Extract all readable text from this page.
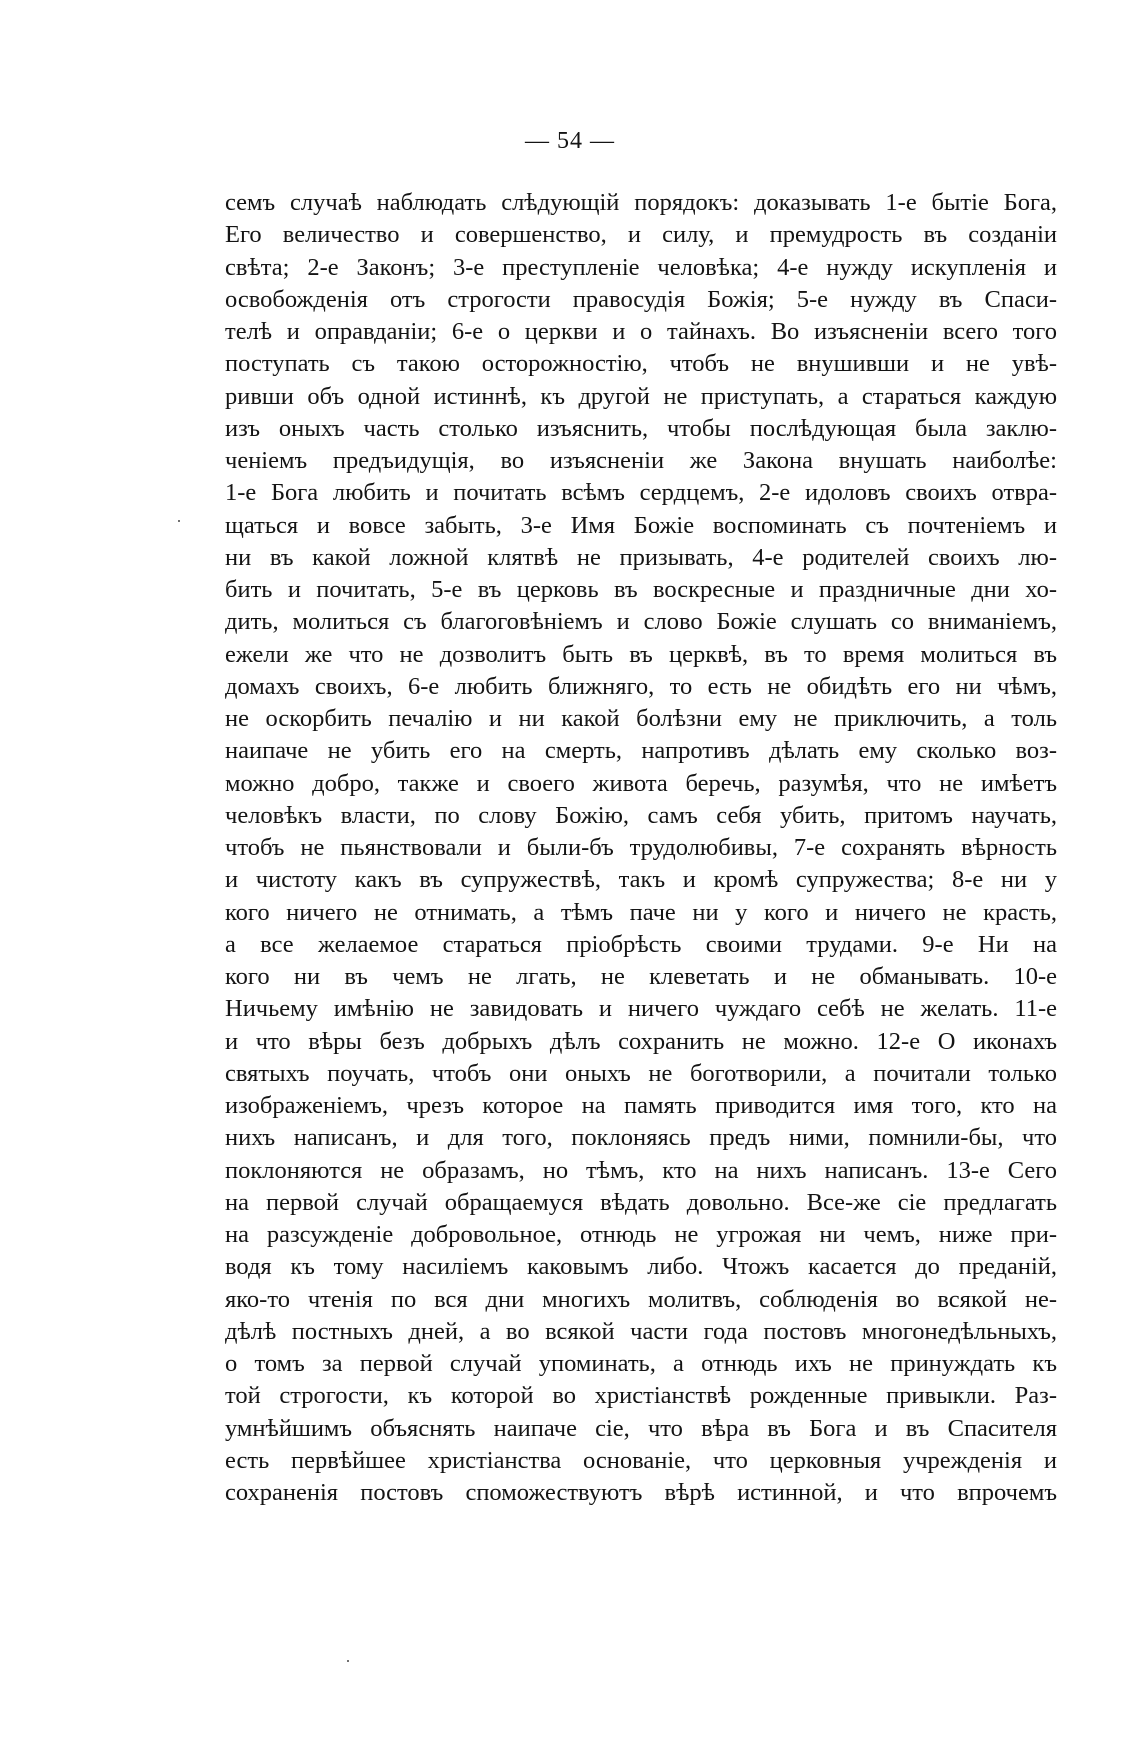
— 54 —
семъ случаѣ наблюдать слѣдующій порядокъ: доказывать 1-е бытіе Бога,
Его величество и совершенство, и силу, и премудрость въ созданіи
свѣта; 2-е Законъ; 3-е преступленіе человѣка; 4-е нужду искупленія и
освобожденія отъ строгости правосудія Божія; 5-е нужду въ Спаси-
телѣ и оправданіи; 6-е о церкви и о тайнахъ. Во изъясненіи всего того
поступать съ такою осторожностію, чтобъ не внушивши и не увѣ-
ривши объ одной истиннѣ, къ другой не приступать, а стараться каждую
изъ оныхъ часть столько изъяснить, чтобы послѣдующая была заклю-
ченіемъ предъидущія, во изъясненіи же Закона внушать наиболѣе:
1-е Бога любить и почитать всѣмъ сердцемъ, 2-е идоловъ своихъ отвра-
щаться и вовсе забыть, 3-е Имя Божіе воспоминать съ почтеніемъ и
ни въ какой ложной клятвѣ не призывать, 4-е родителей своихъ лю-
бить и почитать, 5-е въ церковь въ воскресные и праздничные дни хо-
дить, молиться съ благоговѣніемъ и слово Божіе слушать со вниманіемъ,
ежели же что не дозволитъ быть въ церквѣ, въ то время молиться въ
домахъ своихъ, 6-е любить ближняго, то есть не обидѣть его ни чѣмъ,
не оскорбить печалію и ни какой болѣзни ему не приключить, а толь
наипаче не убить его на смерть, напротивъ дѣлать ему сколько воз-
можно добро, также и своего живота беречь, разумѣя, что не имѣетъ
человѣкъ власти, по слову Божію, самъ себя убить, притомъ научать,
чтобъ не пьянствовали и были-бъ трудолюбивы, 7-е сохранять вѣрность
и чистоту какъ въ супружествѣ, такъ и кромѣ супружества; 8-е ни у
кого ничего не отнимать, а тѣмъ паче ни у кого и ничего не красть,
а все желаемое стараться пріобрѣсть своими трудами. 9-е Ни на
кого ни въ чемъ не лгать, не клеветать и не обманывать. 10-е
Ничьему имѣнію не завидовать и ничего чуждаго себѣ не желать. 11-е
и что вѣры безъ добрыхъ дѣлъ сохранить не можно. 12-е О иконахъ
святыхъ поучать, чтобъ они оныхъ не боготворили, а почитали только
изображеніемъ, чрезъ которое на память приводится имя того, кто на
нихъ написанъ, и для того, поклоняясь предъ ними, помнили-бы, что
поклоняются не образамъ, но тѣмъ, кто на нихъ написанъ. 13-е Сего
на первой случай обращаемуся вѣдать довольно. Все-же сіе предлагать
на разсужденіе добровольное, отнюдь не угрожая ни чемъ, ниже при-
водя къ тому насиліемъ каковымъ либо. Чтожъ касается до преданій,
яко-то чтенія по вся дни многихъ молитвъ, соблюденія во всякой не-
дѣлѣ постныхъ дней, а во всякой части года постовъ многонедѣльныхъ,
о томъ за первой случай упоминать, а отнюдь ихъ не принуждать къ
той строгости, къ которой во христіанствѣ рожденные привыкли. Раз-
умнѣйшимъ объяснять наипаче сіе, что вѣра въ Бога и въ Спасителя
есть первѣйшее христіанства основаніе, что церковныя учрежденія и
сохраненія постовъ споможествуютъ вѣрѣ истинной, и что впрочемъ
